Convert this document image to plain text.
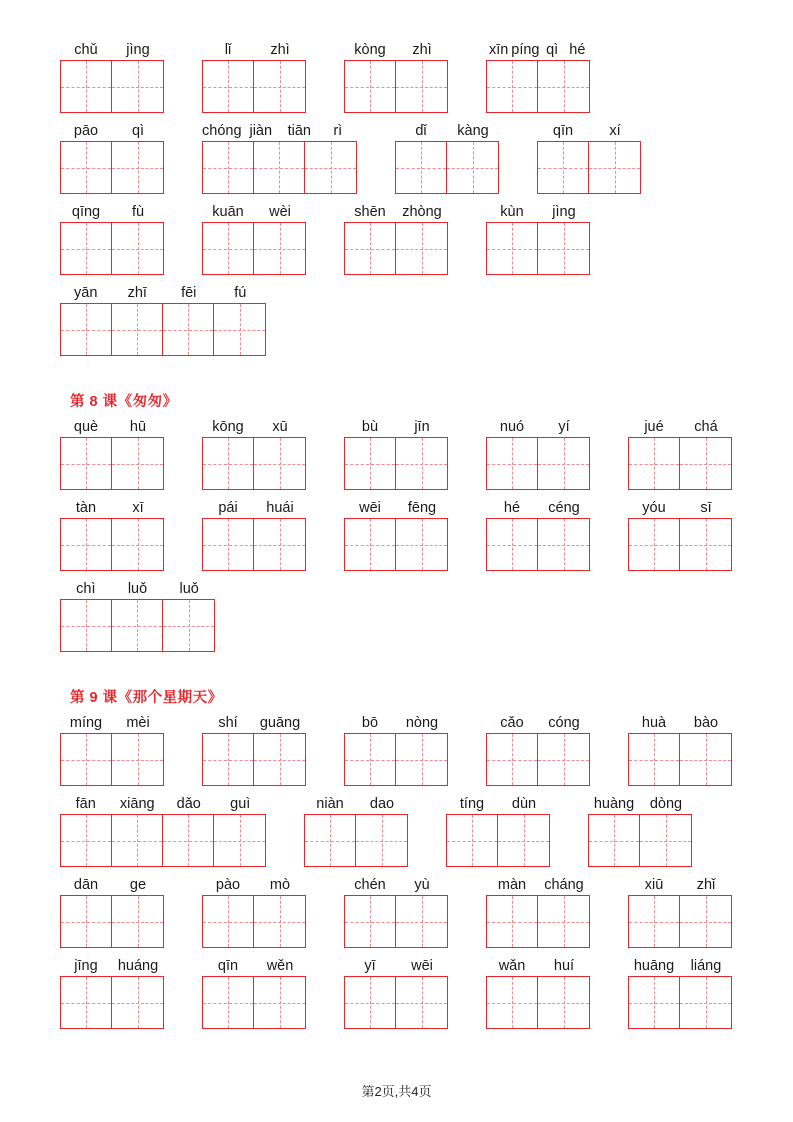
chǔ	jìng	lǐ	zhì	kòng	zhì	xīn píng qì hé
pāo	qì	chóng jiàn	tiān	rì	dǐ	kàng	qīn	xí
qīng	fù	kuān	wèi	shēn	zhòng	kùn	jìng
yān	zhī	fēi	fú
第 8 课《匆匆》
què	hū	kōng	xū	bù	jīn	nuó	yí	jué	chá
tàn	xī	pái	huái	wēi	fēng	hé	céng	yóu	sī
chì	luǒ	luǒ
第 9 课《那个星期天》
míng	mèi	shí	guāng	bō	nòng	cǎo	cóng	huà	bào
fān	xiāng	dǎo	guì	niàn	dao	tíng	dùn	huàng	dòng
dān	ge	pào	mò	chén	yù	màn	cháng	xiū	zhǐ
jīng	huáng	qīn	wěn	yī	wēi	wǎn	huí	huāng	liáng
第2页,共4页
